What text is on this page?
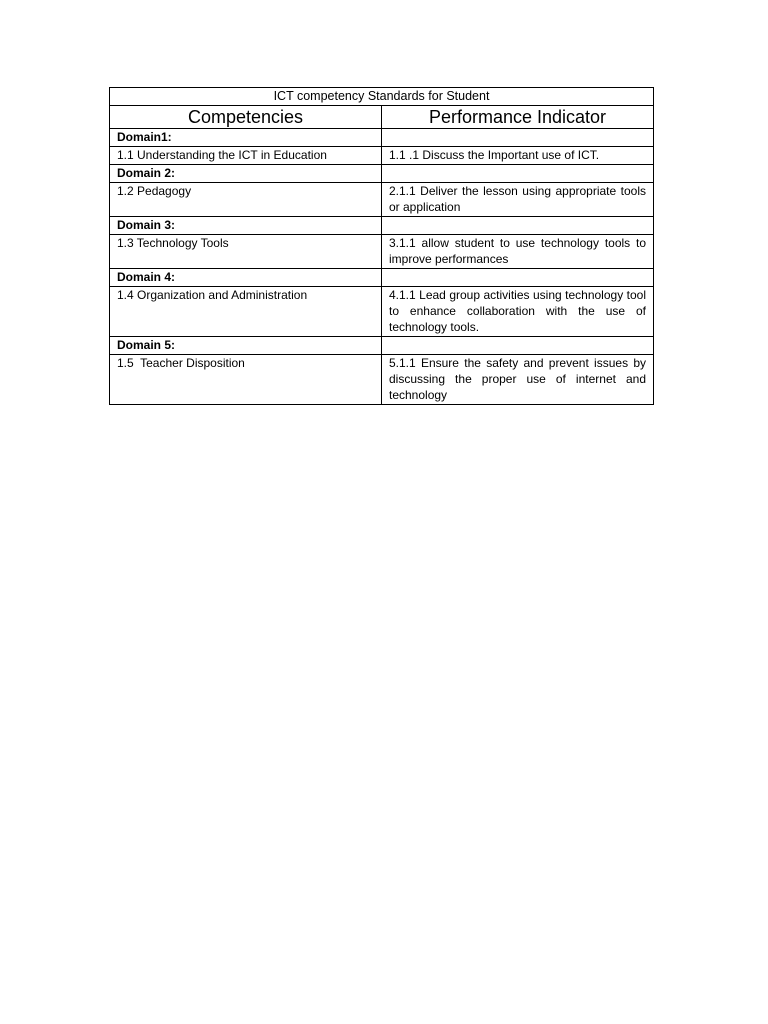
ICT competency Standards for Student	
Competencies	Performance Indicator
Domain1:	
1.1 Understanding the ICT in Education	1.1 .1 Discuss the Important use of ICT.
Domain 2:	
1.2 Pedagogy	2.1.1 Deliver the lesson using appropriate tools or application
Domain 3:	
1.3 Technology Tools	3.1.1 allow student to use technology tools to improve performances
Domain 4:	
1.4 Organization and Administration	4.1.1 Lead group activities using technology tool to enhance collaboration with the use of technology tools.
Domain 5:	
1.5  Teacher Disposition	5.1.1 Ensure the safety and prevent issues by discussing the proper use of internet and technology
